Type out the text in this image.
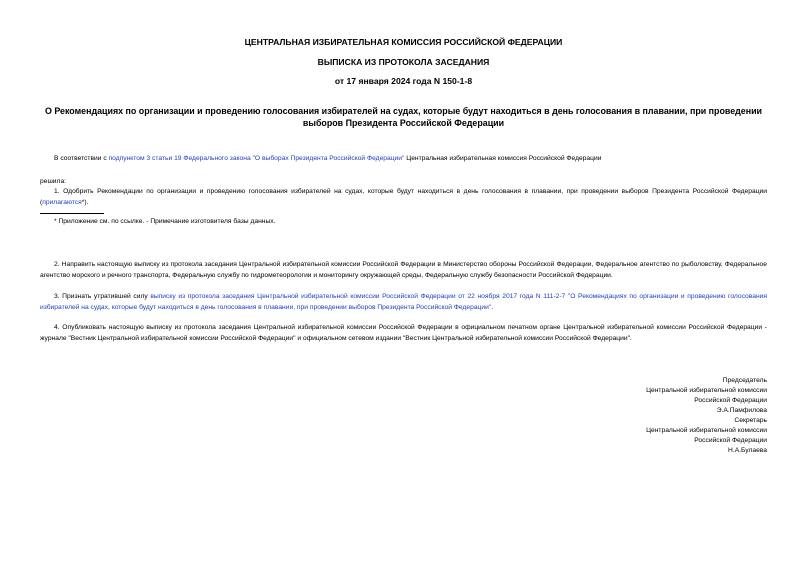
ЦЕНТРАЛЬНАЯ ИЗБИРАТЕЛЬНАЯ КОМИССИЯ РОССИЙСКОЙ ФЕДЕРАЦИИ
ВЫПИСКА ИЗ ПРОТОКОЛА ЗАСЕДАНИЯ
от 17 января 2024 года N 150-1-8
О Рекомендациях по организации и проведению голосования избирателей на судах, которые будут находиться в день голосования в плавании, при проведении выборов Президента Российской Федерации
В соответствии с подпунктом 3 статьи 19 Федерального закона "О выборах Президента Российской Федерации" Центральная избирательная комиссия Российской Федерации
решила:
1. Одобрить Рекомендации по организации и проведению голосования избирателей на судах, которые будут находиться в день голосования в плавании, при проведении выборов Президента Российской Федерации (прилагаются*).
* Приложение см. по ссылке. - Примечание изготовителя базы данных.
2. Направить настоящую выписку из протокола заседания Центральной избирательной комиссии Российской Федерации в Министерство обороны Российской Федерации, Федеральное агентство по рыболовству, Федеральное агентство морского и речного транспорта, Федеральную службу по гидрометеорологии и мониторингу окружающей среды, Федеральную службу безопасности Российской Федерации.
3. Признать утратившей силу выписку из протокола заседания Центральной избирательной комиссии Российской Федерации от 22 ноября 2017 года N 111-2-7 "О Рекомендациях по организации и проведению голосования избирателей на судах, которые будут находиться в день голосования в плавании, при проведении выборов Президента Российской Федерации".
4. Опубликовать настоящую выписку из протокола заседания Центральной избирательной комиссии Российской Федерации в официальном печатном органе Центральной избирательной комиссии Российской Федерации - журнале "Вестник Центральной избирательной комиссии Российской Федерации" и официальном сетевом издании "Вестник Центральной избирательной комиссии Российской Федерации".
Председатель
Центральной избирательной комиссии
Российской Федерации
Э.А.Памфилова
Секретарь
Центральной избирательной комиссии
Российской Федерации
Н.А.Булаева
